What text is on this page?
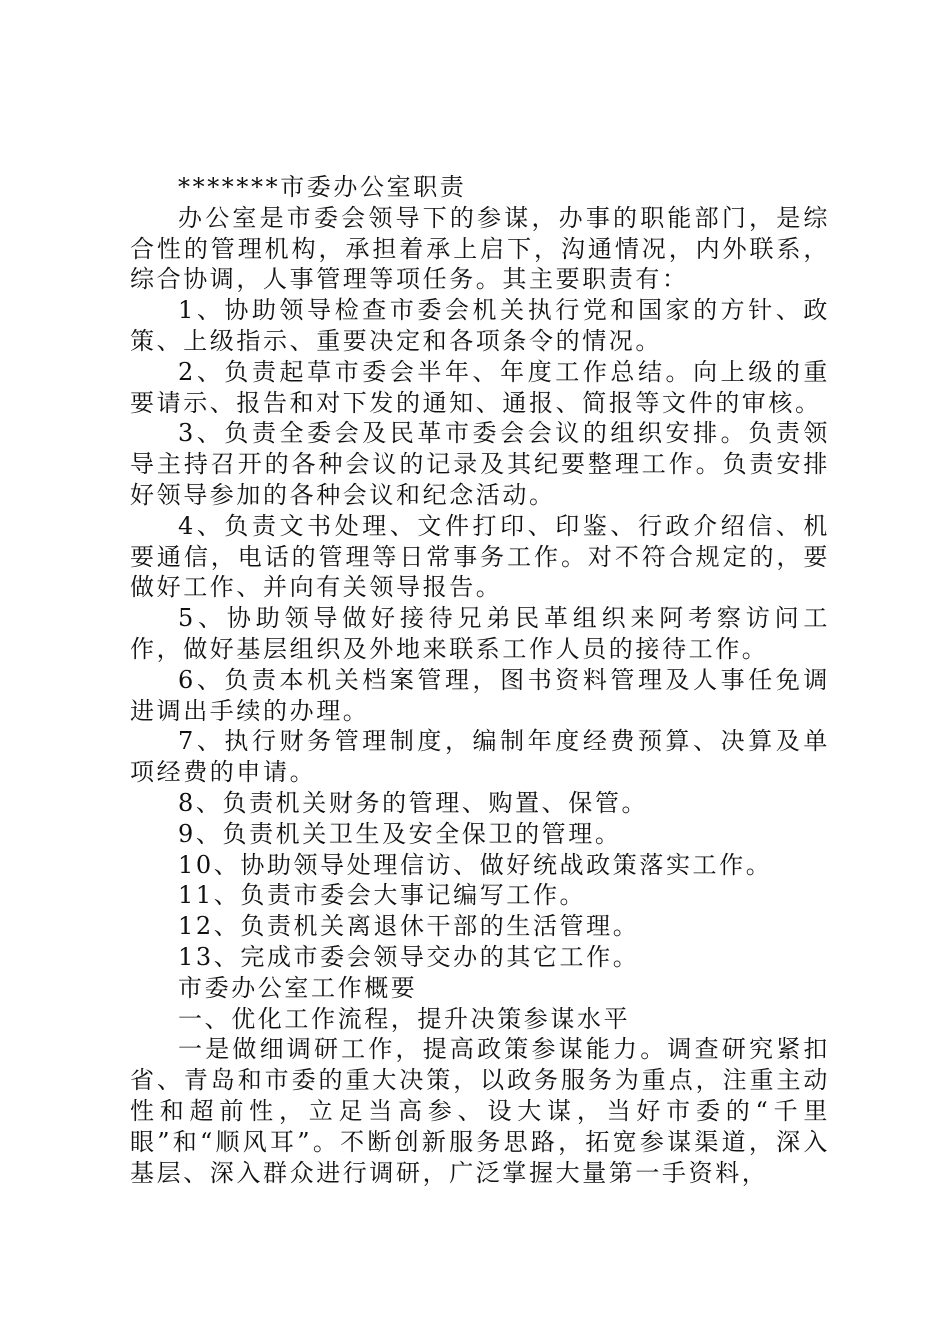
*******市委办公室职责

办公室是市委会领导下的参谋，办事的职能部门，是综合性的管理机构，承担着承上启下，沟通情况，内外联系，综合协调，人事管理等项任务。其主要职责有：

1、协助领导检查市委会机关执行党和国家的方针、政策、上级指示、重要决定和各项条令的情况。

2、负责起草市委会半年、年度工作总结。向上级的重要请示、报告和对下发的通知、通报、简报等文件的审核。

3、负责全委会及民革市委会会议的组织安排。负责领导主持召开的各种会议的记录及其纪要整理工作。负责安排好领导参加的各种会议和纪念活动。

4、负责文书处理、文件打印、印鉴、行政介绍信、机要通信，电话的管理等日常事务工作。对不符合规定的，要做好工作、并向有关领导报告。

5、协助领导做好接待兄弟民革组织来阿考察访问工作，做好基层组织及外地来联系工作人员的接待工作。

6、负责本机关档案管理，图书资料管理及人事任免调进调出手续的办理。

7、执行财务管理制度，编制年度经费预算、决算及单项经费的申请。

8、负责机关财务的管理、购置、保管。

9、负责机关卫生及安全保卫的管理。

10、协助领导处理信访、做好统战政策落实工作。

11、负责市委会大事记编写工作。

12、负责机关离退休干部的生活管理。

13、完成市委会领导交办的其它工作。

市委办公室工作概要

一、优化工作流程，提升决策参谋水平

一是做细调研工作，提高政策参谋能力。调查研究紧扣省、青岛和市委的重大决策，以政务服务为重点，注重主动性和超前性，立足当高参、设大谋，当好市委的“千里眼”和“顺风耳”。不断创新服务思路，拓宽参谋渠道，深入基层、深入群众进行调研，广泛掌握大量第一手资料，
